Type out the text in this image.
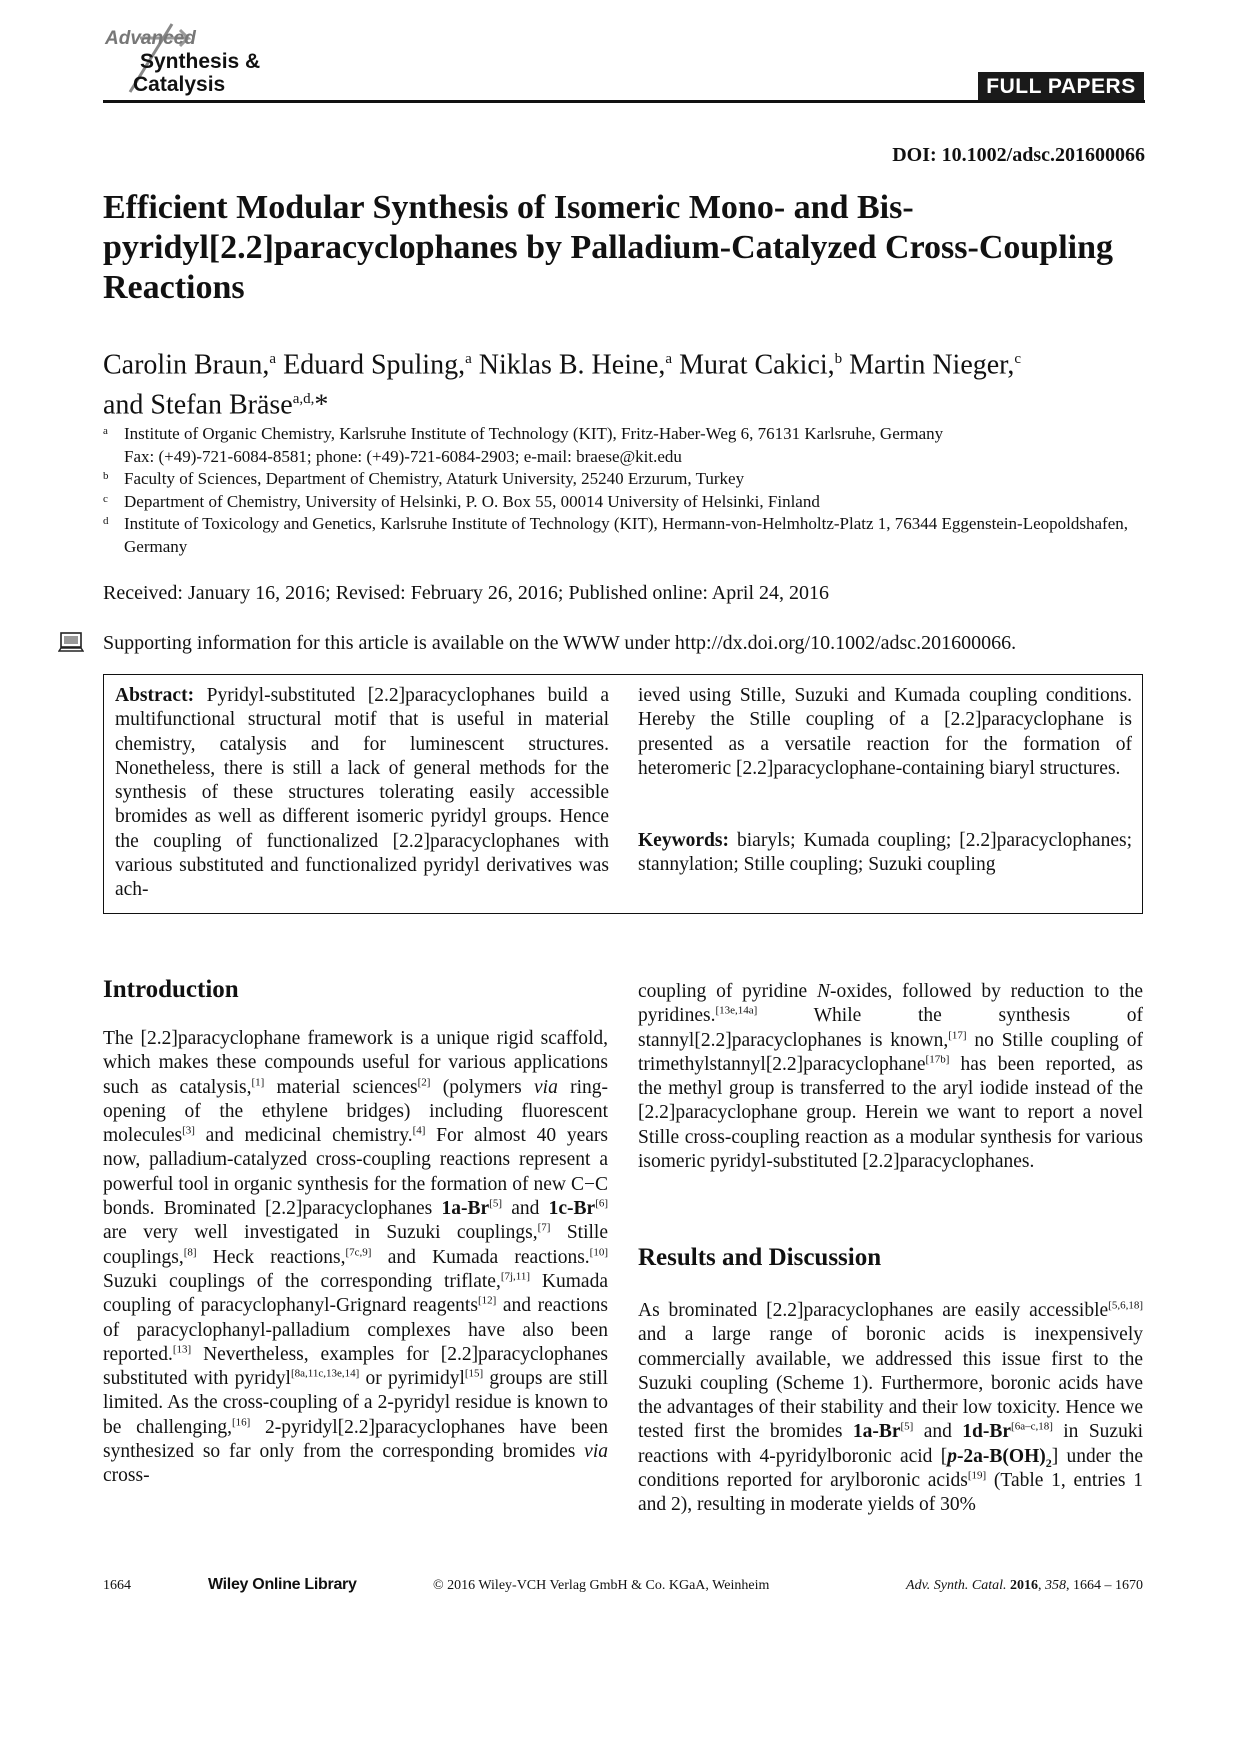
Advanced
Synthesis &
Catalysis	FULL PAPERS
DOI: 10.1002/adsc.201600066
Efficient Modular Synthesis of Isomeric Mono- and Bis-pyridyl[2.2]paracyclophanes by Palladium-Catalyzed Cross-Coupling Reactions
Carolin Braun,$^a$ Eduard Spuling,$^a$ Niklas B. Heine,$^a$ Murat Cakici,$^b$ Martin Nieger,$^c$
and Stefan Bräse$^{a,d,}$*
a Institute of Organic Chemistry, Karlsruhe Institute of Technology (KIT), Fritz-Haber-Weg 6, 76131 Karlsruhe, Germany
Fax: (+49)-721-6084-8581; phone: (+49)-721-6084-2903; e-mail: braese@kit.edu
b Faculty of Sciences, Department of Chemistry, Ataturk University, 25240 Erzurum, Turkey
c Department of Chemistry, University of Helsinki, P. O. Box 55, 00014 University of Helsinki, Finland
d Institute of Toxicology and Genetics, Karlsruhe Institute of Technology (KIT), Hermann-von-Helmholtz-Platz 1, 76344 Eggenstein-Leopoldshafen, Germany
Received: January 16, 2016; Revised: February 26, 2016; Published online: April 24, 2016
Supporting information for this article is available on the WWW under http://dx.doi.org/10.1002/adsc.201600066.
Abstract: Pyridyl-substituted [2.2]paracyclophanes build a multifunctional structural motif that is useful in material chemistry, catalysis and for luminescent structures. Nonetheless, there is still a lack of general methods for the synthesis of these structures tolerating easily accessible bromides as well as different isomeric pyridyl groups. Hence the coupling of functionalized [2.2]paracyclophanes with various substituted and functionalized pyridyl derivatives was ach-
ieved using Stille, Suzuki and Kumada coupling conditions. Hereby the Stille coupling of a [2.2]paracyclophane is presented as a versatile reaction for the formation of heteromeric [2.2]paracyclophane-containing biaryl structures.
Keywords: biaryls; Kumada coupling; [2.2]paracyclophanes; stannylation; Stille coupling; Suzuki coupling
Introduction
The [2.2]paracyclophane framework is a unique rigid scaffold, which makes these compounds useful for various applications such as catalysis,[1] material sciences[2] (polymers via ring-opening of the ethylene bridges) including fluorescent molecules[3] and medicinal chemistry.[4] For almost 40 years now, palladium-catalyzed cross-coupling reactions represent a powerful tool in organic synthesis for the formation of new C−C bonds. Brominated [2.2]paracyclophanes 1a-Br[5] and 1c-Br[6] are very well investigated in Suzuki couplings,[7] Stille couplings,[8] Heck reactions,[7c,9] and Kumada reactions.[10] Suzuki couplings of the corresponding triflate,[7j,11] Kumada coupling of paracyclophanyl-Grignard reagents[12] and reactions of paracyclophanyl-palladium complexes have also been reported.[13] Nevertheless, examples for [2.2]paracyclophanes substituted with pyridyl[8a,11c,13e,14] or pyrimidyl[15] groups are still limited. As the cross-coupling of a 2-pyridyl residue is known to be challenging,[16] 2-pyridyl[2.2]paracyclophanes have been synthesized so far only from the corresponding bromides via cross-
coupling of pyridine N-oxides, followed by reduction to the pyridines.[13e,14a] While the synthesis of stannyl[2.2]paracyclophanes is known,[17] no Stille coupling of trimethylstannyl[2.2]paracyclophane[17b] has been reported, as the methyl group is transferred to the aryl iodide instead of the [2.2]paracyclophane group. Herein we want to report a novel Stille cross-coupling reaction as a modular synthesis for various isomeric pyridyl-substituted [2.2]paracyclophanes.
Results and Discussion
As brominated [2.2]paracyclophanes are easily accessible[5,6,18] and a large range of boronic acids is inexpensively commercially available, we addressed this issue first to the Suzuki coupling (Scheme 1). Furthermore, boronic acids have the advantages of their stability and their low toxicity. Hence we tested first the bromides 1a-Br[5] and 1d-Br[6a–c,18] in Suzuki reactions with 4-pyridylboronic acid $[p-2a-B(OH)_2]$ under the conditions reported for arylboronic acids[19] (Table 1, entries 1 and 2), resulting in moderate yields of 30%
1664	Wiley Online Library	© 2016 Wiley-VCH Verlag GmbH & Co. KGaA, Weinheim	Adv. Synth. Catal. 2016, 358, 1664 – 1670
